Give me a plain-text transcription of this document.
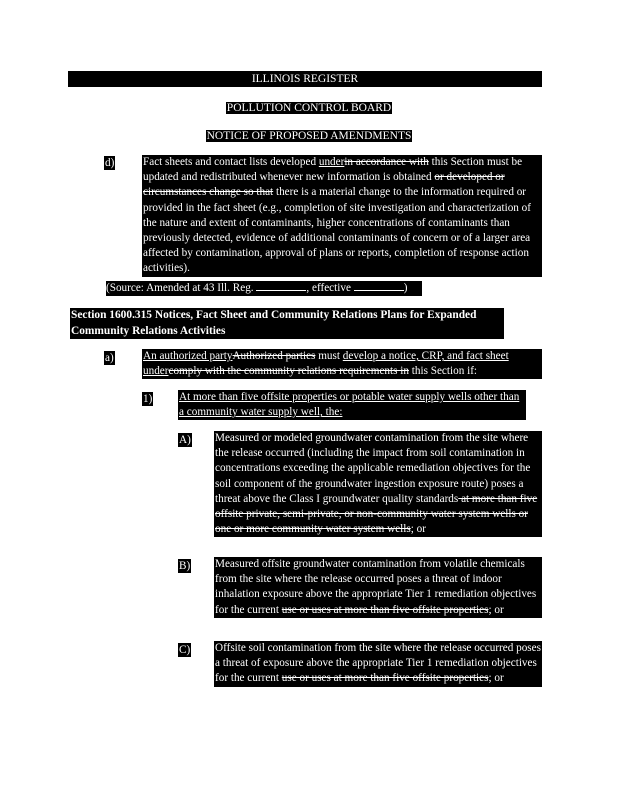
ILLINOIS REGISTER
POLLUTION CONTROL BOARD
NOTICE OF PROPOSED AMENDMENTS
d)	Fact sheets and contact lists developed underin accordance with this Section must be updated and redistributed whenever new information is obtained or developed or circumstances change so that there is a material change to the information required or provided in the fact sheet (e.g., completion of site investigation and characterization of the nature and extent of contaminants, higher concentrations of contaminants than previously detected, evidence of additional contaminants of concern or of a larger area affected by contamination, approval of plans or reports, completion of response action activities).
(Source: Amended at 43 Ill. Reg.	, effective	)
Section 1600.315 Notices, Fact Sheet and Community Relations Plans for Expanded Community Relations Activities
a)	An authorized partyAuthorized parties must develop a notice, CRP, and fact sheet undercomply with the community relations requirements in this Section if:
1) At more than five offsite properties or potable water supply wells other than a community water supply well, the:
A) Measured or modeled groundwater contamination from the site where the release occurred (including the impact from soil contamination in concentrations exceeding the applicable remediation objectives for the soil component of the groundwater ingestion exposure route) poses a threat above the Class I groundwater quality standards at more than five offsite private, semi-private, or non-community water system wells or one or more community water system wells; or
B) Measured offsite groundwater contamination from volatile chemicals from the site where the release occurred poses a threat of indoor inhalation exposure above the appropriate Tier 1 remediation objectives for the current use or uses at more than five offsite properties; or
C) Offsite soil contamination from the site where the release occurred poses a threat of exposure above the appropriate Tier 1 remediation objectives for the current use or uses at more than five offsite properties; or
